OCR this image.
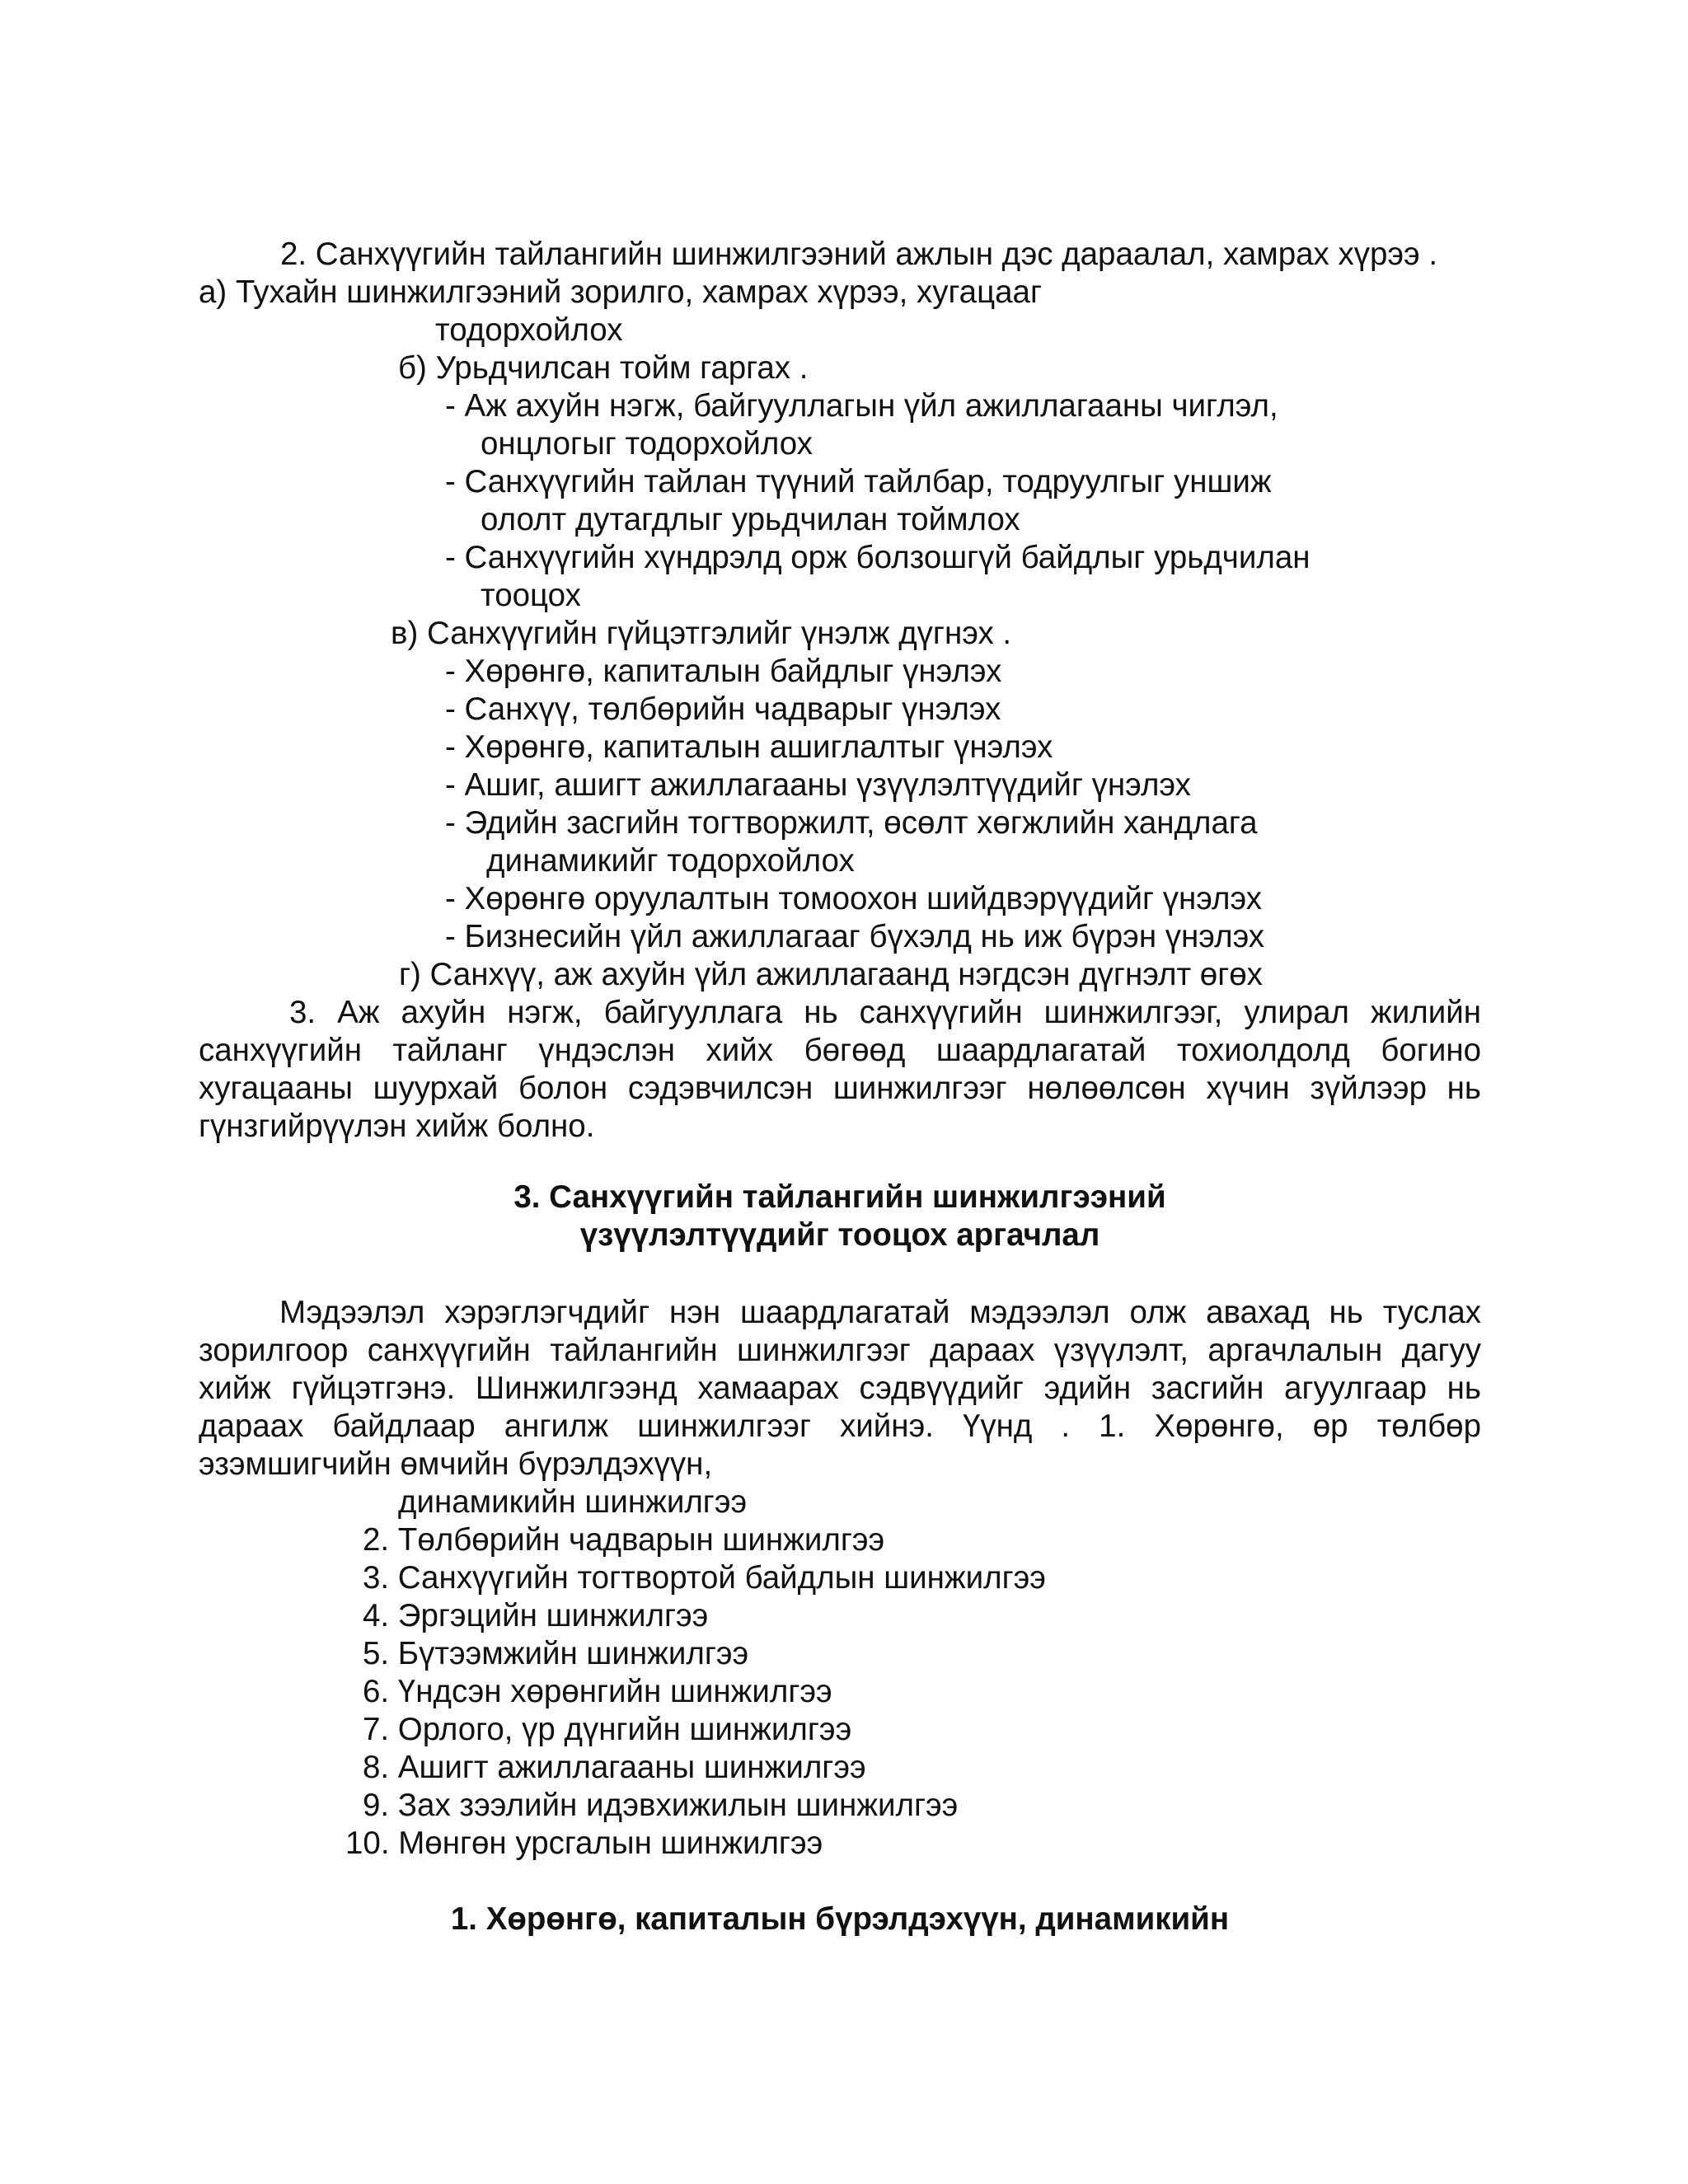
2. Санхүүгийн тайлангийн шинжилгээний ажлын дэс дараалал, хамрах хүрээ .
а) Тухайн шинжилгээний зорилго, хамрах хүрээ, хугацааг
тодорхойлох
б) Урьдчилсан тойм гаргах .
- Аж ахуйн нэгж, байгууллагын үйл ажиллагааны чиглэл,
онцлогыг тодорхойлох
- Санхүүгийн тайлан түүний тайлбар, тодруулгыг уншиж
ололт дутагдлыг урьдчилан тоймлох
- Санхүүгийн хүндрэлд орж болзошгүй байдлыг урьдчилан
тооцох
в) Санхүүгийн гүйцэтгэлийг үнэлж дүгнэх .
- Хөрөнгө, капиталын байдлыг үнэлэх
- Санхүү, төлбөрийн чадварыг үнэлэх
- Хөрөнгө, капиталын ашиглалтыг үнэлэх
- Ашиг, ашигт ажиллагааны үзүүлэлтүүдийг үнэлэх
- Эдийн засгийн тогтворжилт, өсөлт хөгжлийн хандлага
динамикийг тодорхойлох
- Хөрөнгө оруулалтын томоохон шийдвэрүүдийг үнэлэх
- Бизнесийн үйл ажиллагааг бүхэлд нь иж бүрэн үнэлэх
г) Санхүү, аж ахуйн үйл ажиллагаанд нэгдсэн дүгнэлт өгөх
3. Аж ахуйн нэгж, байгууллага нь санхүүгийн шинжилгээг, улирал жилийн
санхүүгийн тайланг үндэслэн хийх бөгөөд шаардлагатай тохиолдолд богино
хугацааны шуурхай болон сэдэвчилсэн шинжилгээг нөлөөлсөн хүчин зүйлээр нь
гүнзгийрүүлэн хийж болно.
3. Санхүүгийн тайлангийн шинжилгээний
үзүүлэлтүүдийг тооцох аргачлал
Мэдээлэл хэрэглэгчдийг нэн шаардлагатай мэдээлэл олж авахад нь туслах
зорилгоор санхүүгийн тайлангийн шинжилгээг дараах үзүүлэлт, аргачлалын дагуу
хийж гүйцэтгэнэ. Шинжилгээнд хамаарах сэдвүүдийг эдийн засгийн агуулгаар нь
дараах байдлаар ангилж шинжилгээг хийнэ. Үүнд . 1. Хөрөнгө, өр төлбөр
эзэмшигчийн өмчийн бүрэлдэхүүн,
динамикийн шинжилгээ
2. Төлбөрийн чадварын шинжилгээ
3. Санхүүгийн тогтвортой байдлын шинжилгээ
4. Эргэцийн шинжилгээ
5. Бүтээмжийн шинжилгээ
6. Үндсэн хөрөнгийн шинжилгээ
7. Орлого, үр дүнгийн шинжилгээ
8. Ашигт ажиллагааны шинжилгээ
9. Зах зээлийн идэвхижилын шинжилгээ
10. Мөнгөн урсгалын шинжилгээ
1. Хөрөнгө, капиталын бүрэлдэхүүн, динамикийн
